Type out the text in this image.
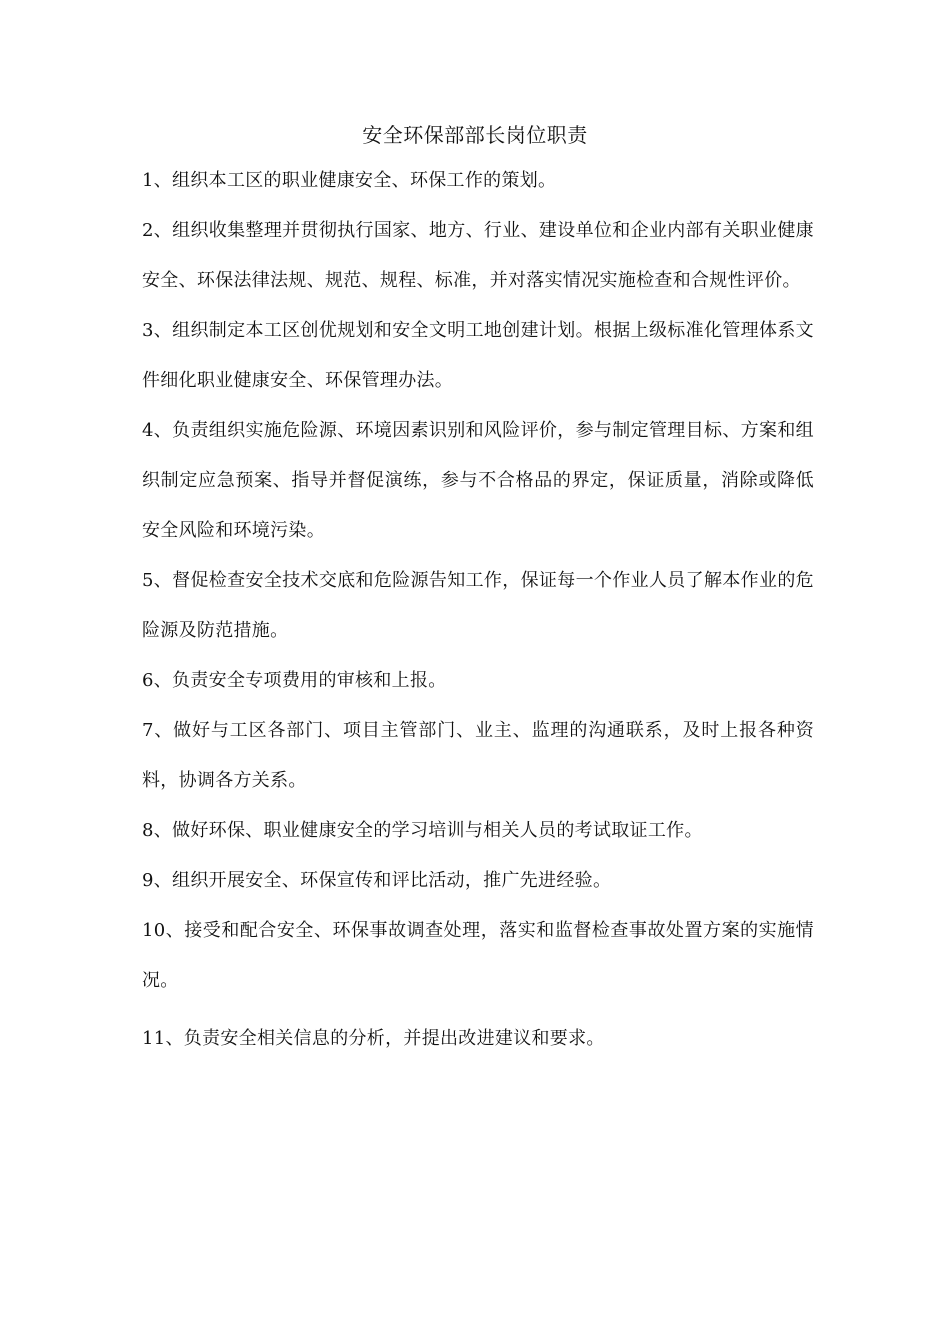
安全环保部部长岗位职责

1、组织本工区的职业健康安全、环保工作的策划。

2、组织收集整理并贯彻执行国家、地方、行业、建设单位和企业内部有关职业健康安全、环保法律法规、规范、规程、标准，并对落实情况实施检查和合规性评价。

3、组织制定本工区创优规划和安全文明工地创建计划。根据上级标准化管理体系文件细化职业健康安全、环保管理办法。

4、负责组织实施危险源、环境因素识别和风险评价，参与制定管理目标、方案和组织制定应急预案、指导并督促演练，参与不合格品的界定，保证质量，消除或降低安全风险和环境污染。

5、督促检查安全技术交底和危险源告知工作，保证每一个作业人员了解本作业的危险源及防范措施。

6、负责安全专项费用的审核和上报。

7、做好与工区各部门、项目主管部门、业主、监理的沟通联系，及时上报各种资料，协调各方关系。

8、做好环保、职业健康安全的学习培训与相关人员的考试取证工作。

9、组织开展安全、环保宣传和评比活动，推广先进经验。

10、接受和配合安全、环保事故调查处理，落实和监督检查事故处置方案的实施情况。

11、负责安全相关信息的分析，并提出改进建议和要求。
